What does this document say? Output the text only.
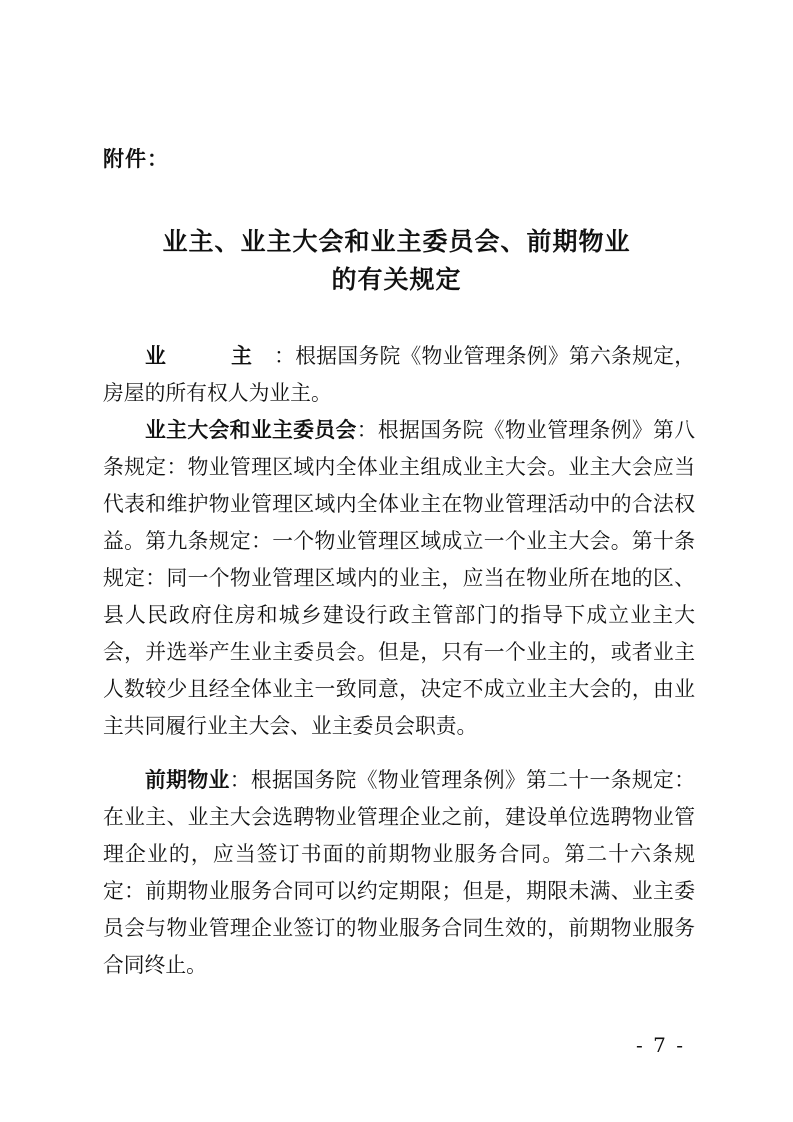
附件：
业主、业主大会和业主委员会、前期物业
的有关规定

业　主：根据国务院《物业管理条例》第六条规定，房屋的所有权人为业主。

业主大会和业主委员会：根据国务院《物业管理条例》第八条规定：物业管理区域内全体业主组成业主大会。业主大会应当代表和维护物业管理区域内全体业主在物业管理活动中的合法权益。第九条规定：一个物业管理区域成立一个业主大会。第十条规定：同一个物业管理区域内的业主，应当在物业所在地的区、县人民政府住房和城乡建设行政主管部门的指导下成立业主大会，并选举产生业主委员会。但是，只有一个业主的，或者业主人数较少且经全体业主一致同意，决定不成立业主大会的，由业主共同履行业主大会、业主委员会职责。

前期物业：根据国务院《物业管理条例》第二十一条规定：在业主、业主大会选聘物业管理企业之前，建设单位选聘物业管理企业的，应当签订书面的前期物业服务合同。第二十六条规定：前期物业服务合同可以约定期限；但是，期限未满、业主委员会与物业管理企业签订的物业服务合同生效的，前期物业服务合同终止。

- 7 -
